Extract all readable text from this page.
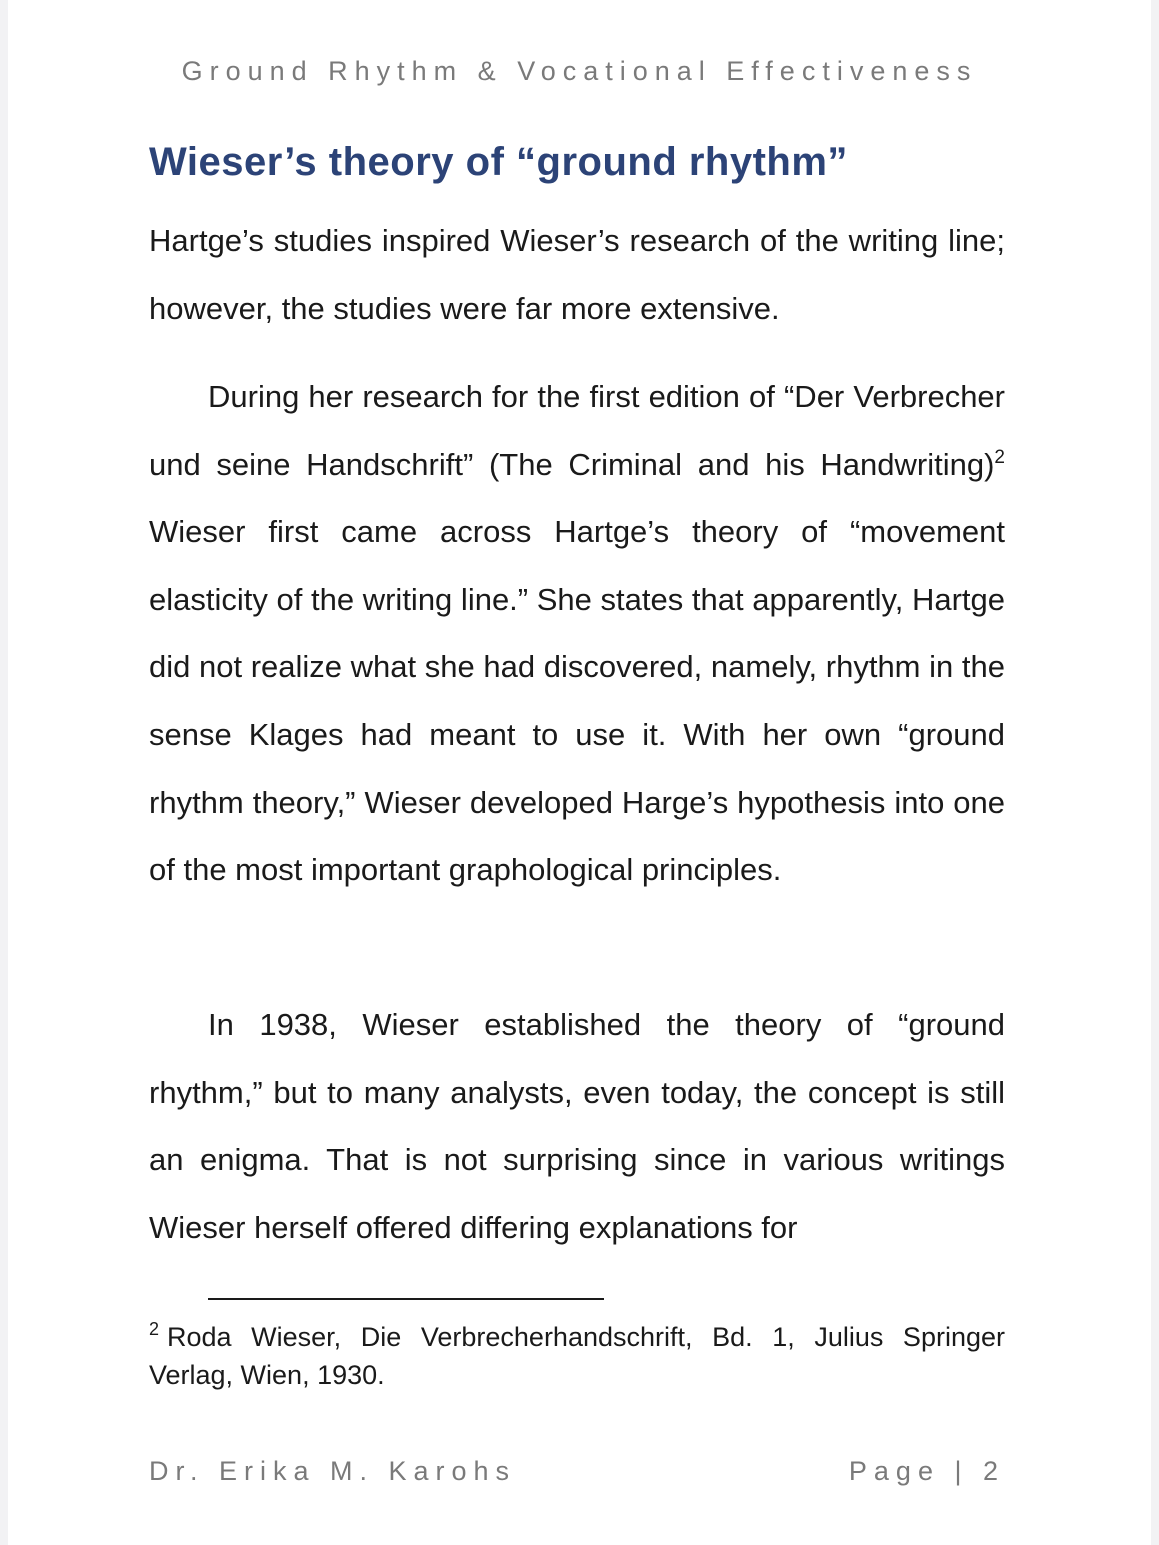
Ground Rhythm & Vocational Effectiveness
Wieser’s theory of “ground rhythm”

Hartge’s studies inspired Wieser’s research of the writing line; however, the studies were far more extensive.

During her research for the first edition of “Der Verbrecher und seine Handschrift” (The Criminal and his Handwriting)$^2$ Wieser first came across Hartge’s theory of “movement elasticity of the writing line.” She states that apparently, Hartge did not realize what she had discovered, namely, rhythm in the sense Klages had meant to use it. With her own “ground rhythm theory,” Wieser developed Harge’s hypothesis into one of the most important graphological principles.

In 1938, Wieser established the theory of “ground rhythm,” but to many analysts, even today, the concept is still an enigma. That is not surprising since in various writings Wieser herself offered differing explanations for

$^2$ Roda Wieser, Die Verbrecherhandschrift, Bd. 1, Julius Springer Verlag, Wien, 1930.

Dr. Erika M. Karohs	Page | 2
